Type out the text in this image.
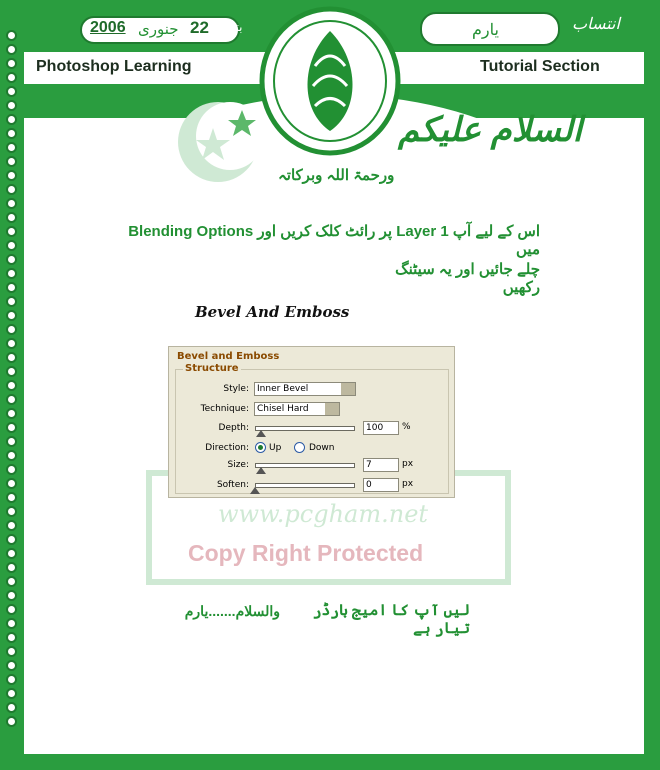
2006 جنوری 22 بتاریخ	یارم	انتساب
Photoshop Learning	Tutorial Section
ورحمۃ اللہ وبرکاتہ
السلام علیکم
اس کے لیے آپ Layer 1 پر رائٹ کلک کریں اور Blending Options میں
چلے جائیں اور یہ سیٹنگ رکھیں
Bevel And Emboss
Bevel and Emboss
Structure
Style: Inner Bevel
Technique: Chisel Hard
Depth:	100	%
Direction: Up	Down
Size:	7	px
Soften:	0	px
www.pcgham.net
Copy Right Protected
لیں آپ کا امیج بارڈر تیار ہے
والسلام.......یارم
